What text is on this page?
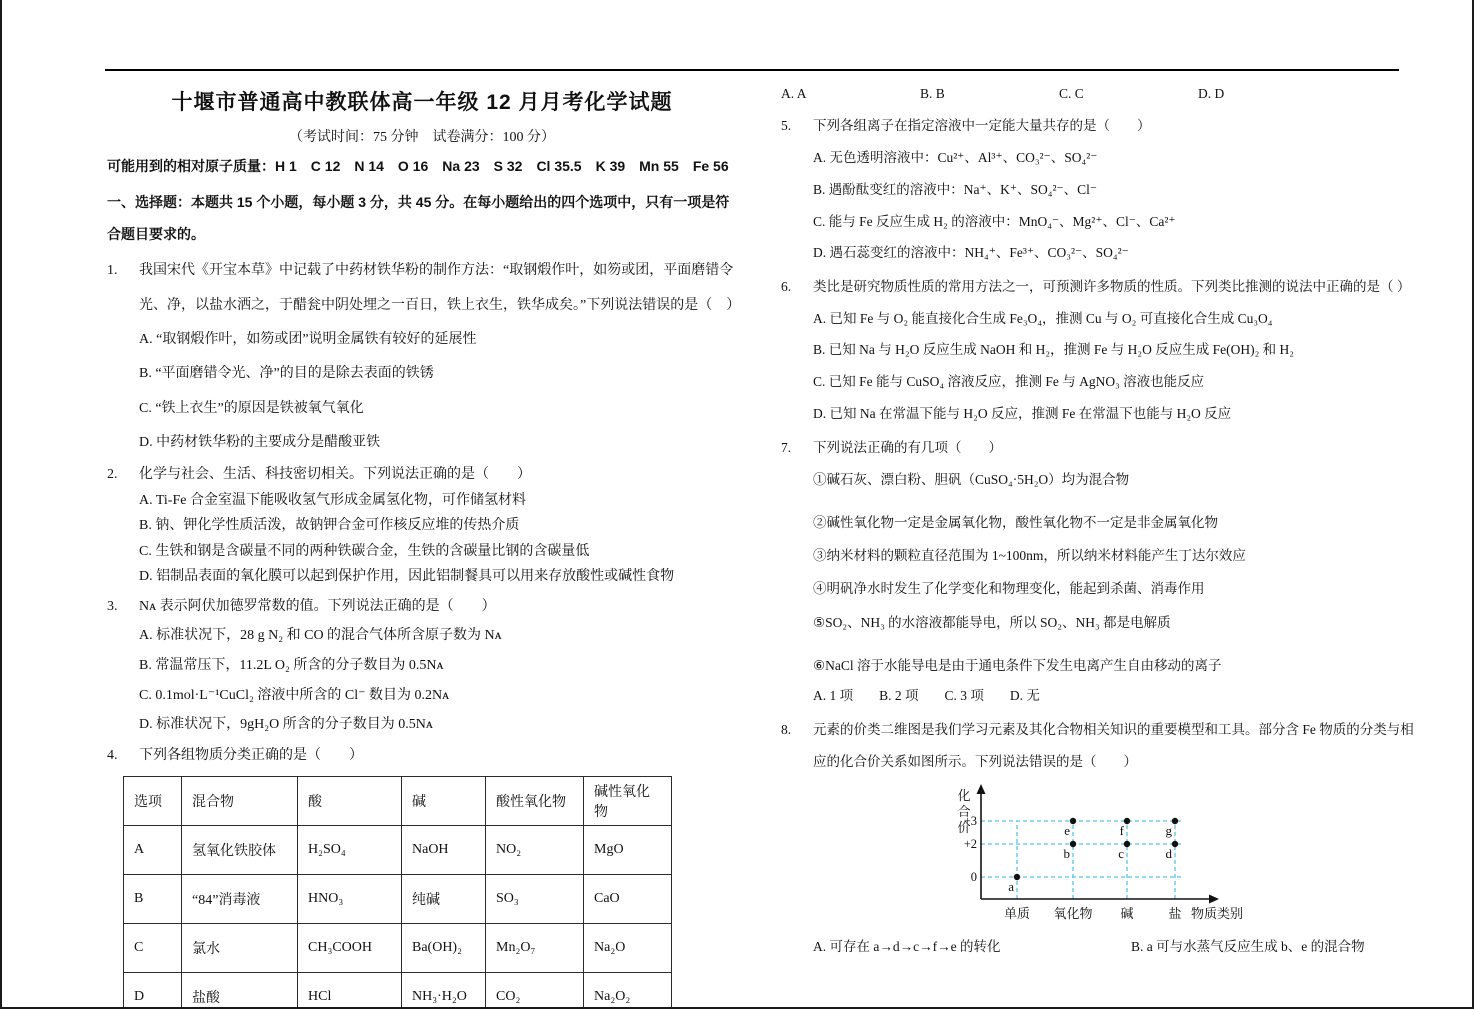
十堰市普通高中教联体高一年级 12 月月考化学试题
（考试时间：75 分钟　试卷满分：100 分）
可能用到的相对原子质量：H 1　C 12　N 14　O 16　Na 23　S 32　Cl 35.5　K 39　Mn 55　Fe 56
一、选择题：本题共 15 个小题，每小题 3 分，共 45 分。在每小题给出的四个选项中，只有一项是符合题目要求的。
1.	我国宋代《开宝本草》中记载了中药材铁华粉的制作方法：“取钢煅作叶，如笏或团，平面磨错令光、净，以盐水洒之，于醋瓮中阴处埋之一百日，铁上衣生，铁华成矣。”下列说法错误的是（　）
A. “取钢煅作叶，如笏或团”说明金属铁有较好的延展性
B. “平面磨错令光、净”的目的是除去表面的铁锈
C. “铁上衣生”的原因是铁被氧气氧化
D. 中药材铁华粉的主要成分是醋酸亚铁
2.	化学与社会、生活、科技密切相关。下列说法正确的是（　　）
A. Ti-Fe 合金室温下能吸收氢气形成金属氢化物，可作储氢材料
B. 钠、钾化学性质活泼，故钠钾合金可作核反应堆的传热介质
C. 生铁和钢是含碳量不同的两种铁碳合金，生铁的含碳量比钢的含碳量低
D. 铝制品表面的氧化膜可以起到保护作用，因此铝制餐具可以用来存放酸性或碱性食物
3.	Nᴀ 表示阿伏加德罗常数的值。下列说法正确的是（　　）
A. 标准状况下，28 g N₂ 和 CO 的混合气体所含原子数为 Nᴀ
B. 常温常压下，11.2L O₂ 所含的分子数目为 0.5Nᴀ
C. 0.1mol·L⁻¹CuCl₂ 溶液中所含的 Cl⁻ 数目为 0.2Nᴀ
D. 标准状况下，9gH₂O 所含的分子数目为 0.5Nᴀ
4.	下列各组物质分类正确的是（　　）
选项	混合物	酸	碱	酸性氧化物	碱性氧化物
A	氢氧化铁胶体	H₂SO₄	NaOH	NO₂	MgO
B	“84”消毒液	HNO₃	纯碱	SO₃	CaO
C	氯水	CH₃COOH	Ba(OH)₂	Mn₂O₇	Na₂O
D	盐酸	HCl	NH₃·H₂O	CO₂	Na₂O₂
A. A	B. B	C. C	D. D
5.	下列各组离子在指定溶液中一定能大量共存的是（　　）
A. 无色透明溶液中：Cu²⁺、Al³⁺、CO₃²⁻、SO₄²⁻
B. 遇酚酞变红的溶液中：Na⁺、K⁺、SO₄²⁻、Cl⁻
C. 能与 Fe 反应生成 H₂ 的溶液中：MnO₄⁻、Mg²⁺、Cl⁻、Ca²⁺
D. 遇石蕊变红的溶液中：NH₄⁺、Fe³⁺、CO₃²⁻、SO₄²⁻
6.	类比是研究物质性质的常用方法之一，可预测许多物质的性质。下列类比推测的说法中正确的是（ ）
A. 已知 Fe 与 O₂ 能直接化合生成 Fe₃O₄，推测 Cu 与 O₂ 可直接化合生成 Cu₃O₄
B. 已知 Na 与 H₂O 反应生成 NaOH 和 H₂，推测 Fe 与 H₂O 反应生成 Fe(OH)₂ 和 H₂
C. 已知 Fe 能与 CuSO₄ 溶液反应，推测 Fe 与 AgNO₃ 溶液也能反应
D. 已知 Na 在常温下能与 H₂O 反应，推测 Fe 在常温下也能与 H₂O 反应
7.	下列说法正确的有几项（　　）
①碱石灰、漂白粉、胆矾（CuSO₄·5H₂O）均为混合物
②碱性氧化物一定是金属氧化物，酸性氧化物不一定是非金属氧化物
③纳米材料的颗粒直径范围为 1~100nm，所以纳米材料能产生丁达尔效应
④明矾净水时发生了化学变化和物理变化，能起到杀菌、消毒作用
⑤SO₂、NH₃ 的水溶液都能导电，所以 SO₂、NH₃ 都是电解质
⑥NaCl 溶于水能导电是由于通电条件下发生电离产生自由移动的离子
A. 1 项 B. 2 项 C. 3 项 D. 无
8.	元素的价类二维图是我们学习元素及其化合物相关知识的重要模型和工具。部分含 Fe 物质的分类与相应的化合价关系如图所示。下列说法错误的是（　　）
化
合
价
+3
+2
0
单质 氧化物 碱	盐 物质类别
a
b
e
c
f
d
g
A. 可存在 a→d→c→f→e 的转化	B. a 可与水蒸气反应生成 b、e 的混合物
